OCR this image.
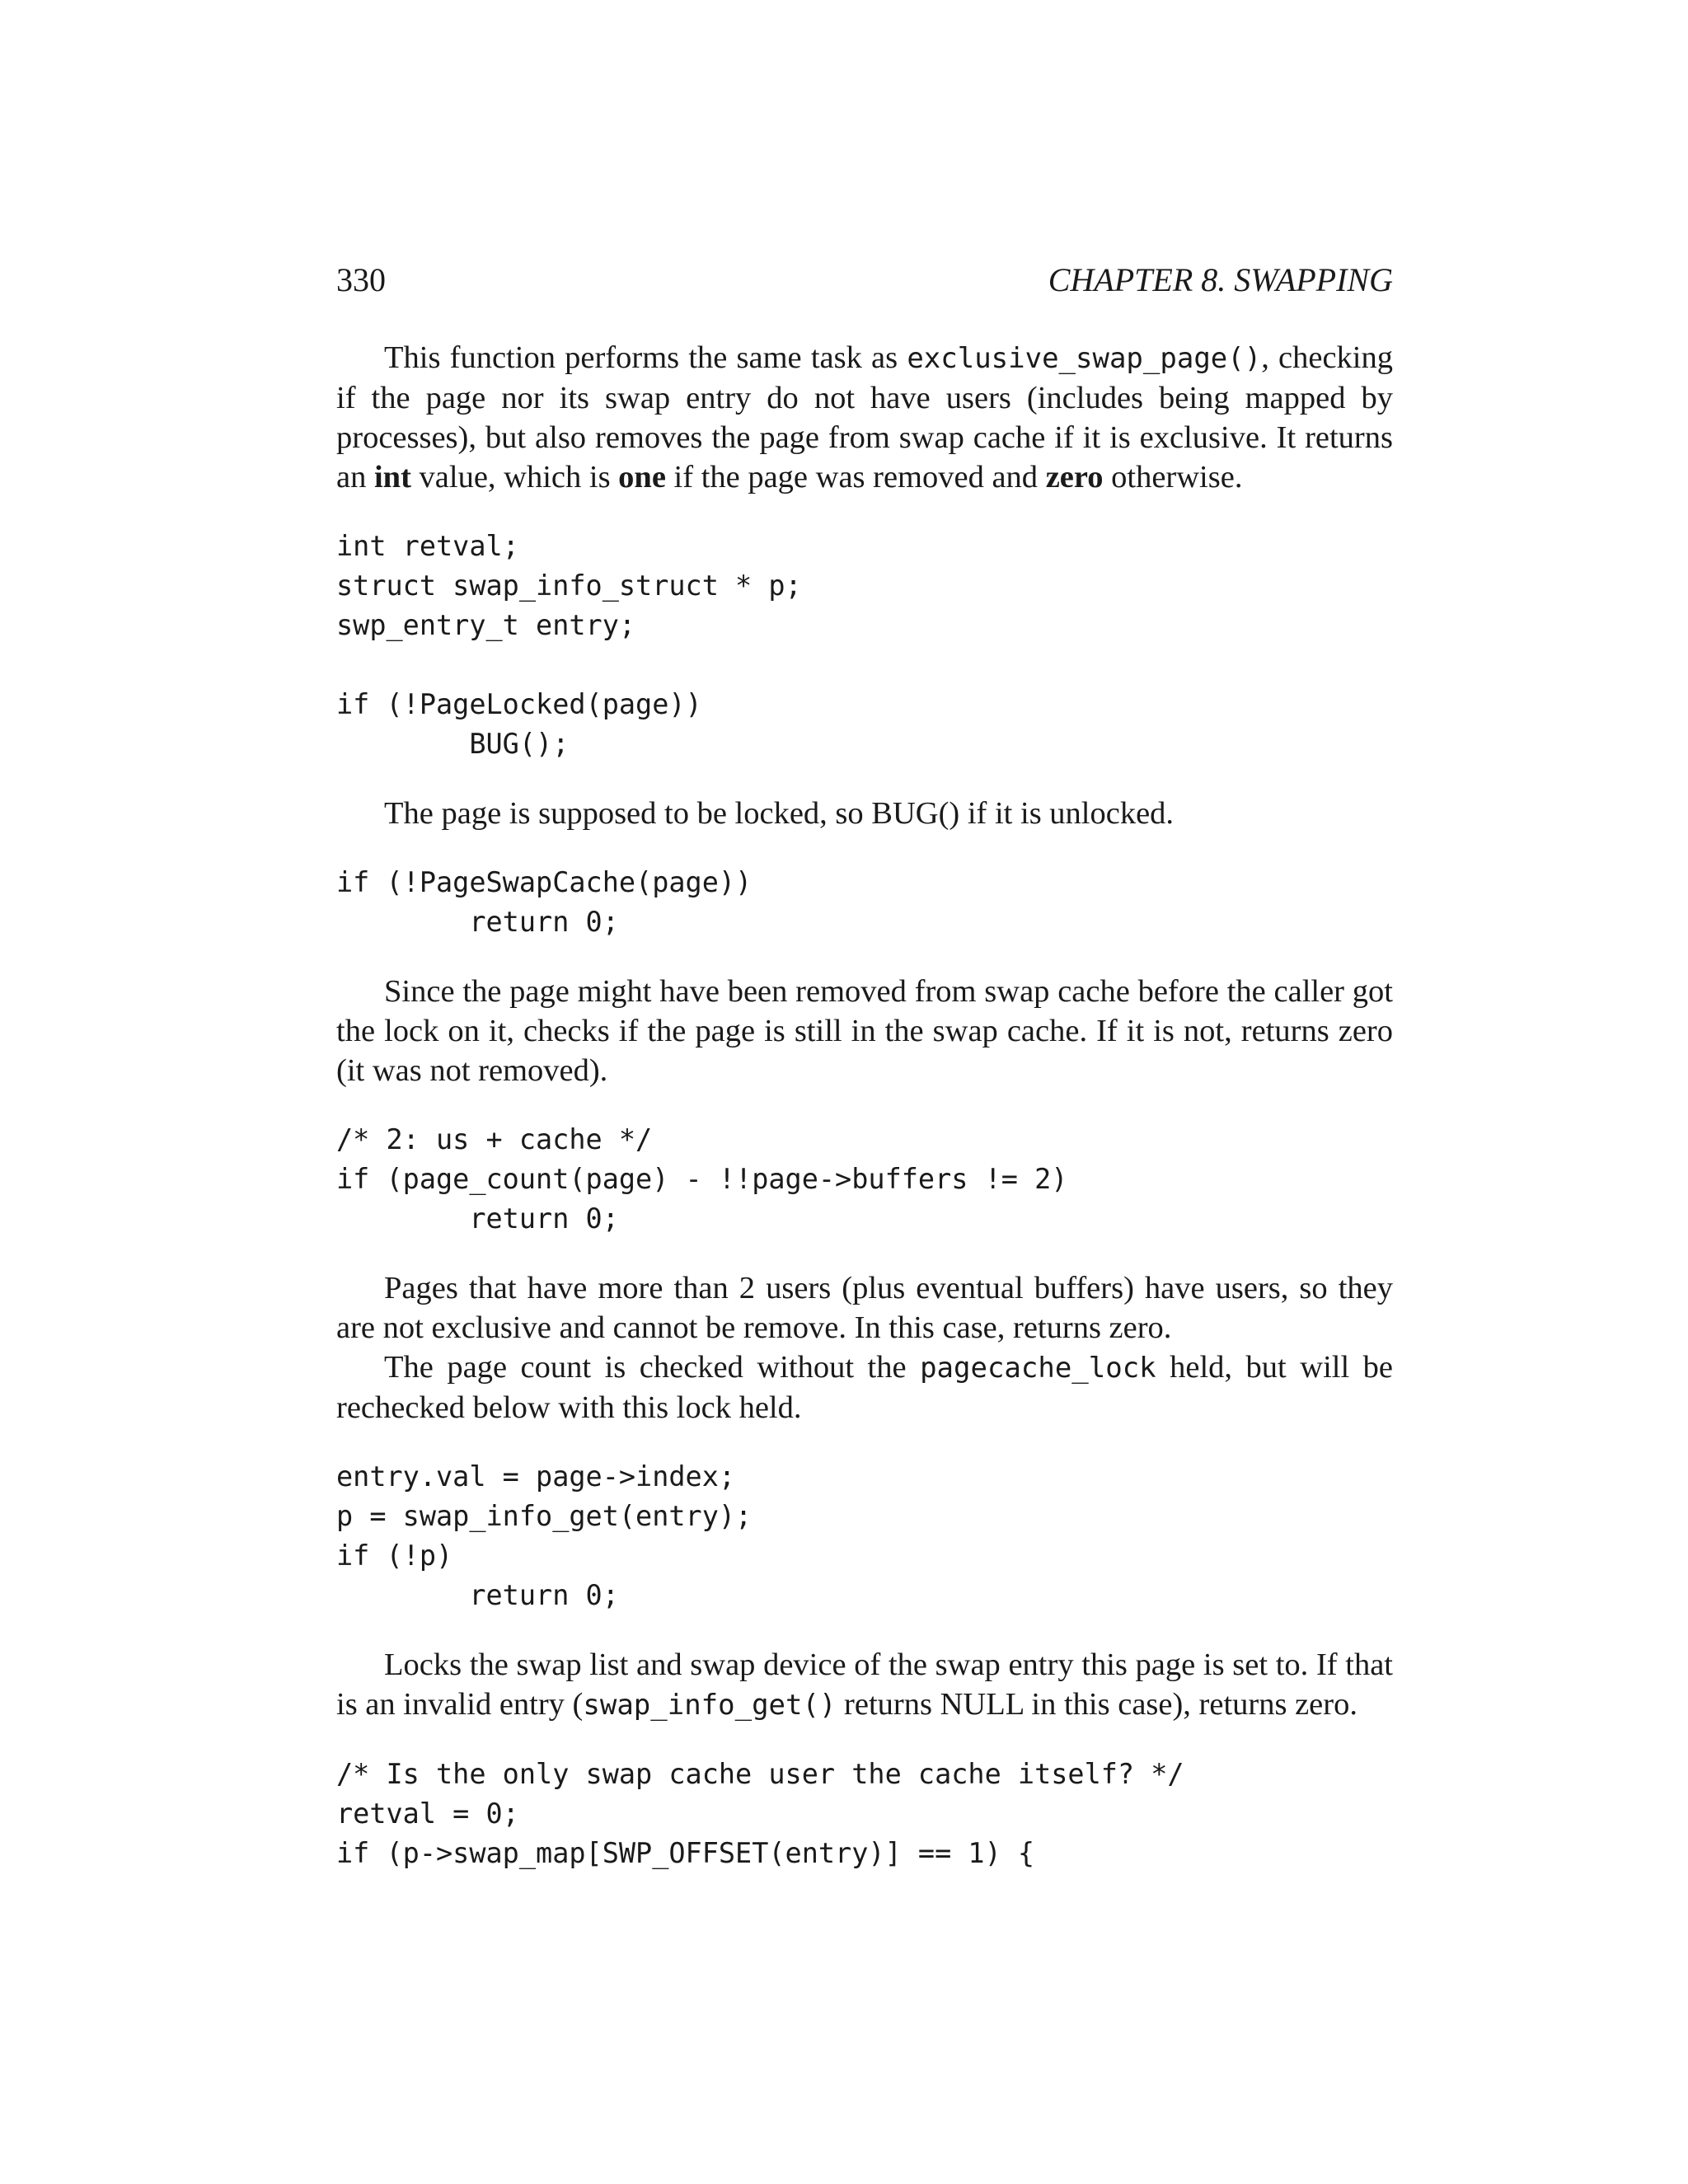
330	CHAPTER 8. SWAPPING

This function performs the same task as exclusive_swap_page(), checking if the page nor its swap entry do not have users (includes being mapped by processes), but also removes the page from swap cache if it is exclusive. It returns an int value, which is one if the page was removed and zero otherwise.

int retval;
struct swap_info_struct * p;
swp_entry_t entry;

if (!PageLocked(page))
BUG();

The page is supposed to be locked, so BUG() if it is unlocked.

if (!PageSwapCache(page))
return 0;

Since the page might have been removed from swap cache before the caller got the lock on it, checks if the page is still in the swap cache. If it is not, returns zero (it was not removed).

/* 2: us + cache */
if (page_count(page) - !!page->buffers != 2)
return 0;

Pages that have more than 2 users (plus eventual buffers) have users, so they are not exclusive and cannot be remove. In this case, returns zero.

The page count is checked without the pagecache_lock held, but will be rechecked below with this lock held.

entry.val = page->index;
p = swap_info_get(entry);
if (!p)
return 0;

Locks the swap list and swap device of the swap entry this page is set to. If that is an invalid entry (swap_info_get() returns NULL in this case), returns zero.

/* Is the only swap cache user the cache itself? */
retval = 0;
if (p->swap_map[SWP_OFFSET(entry)] == 1) {
